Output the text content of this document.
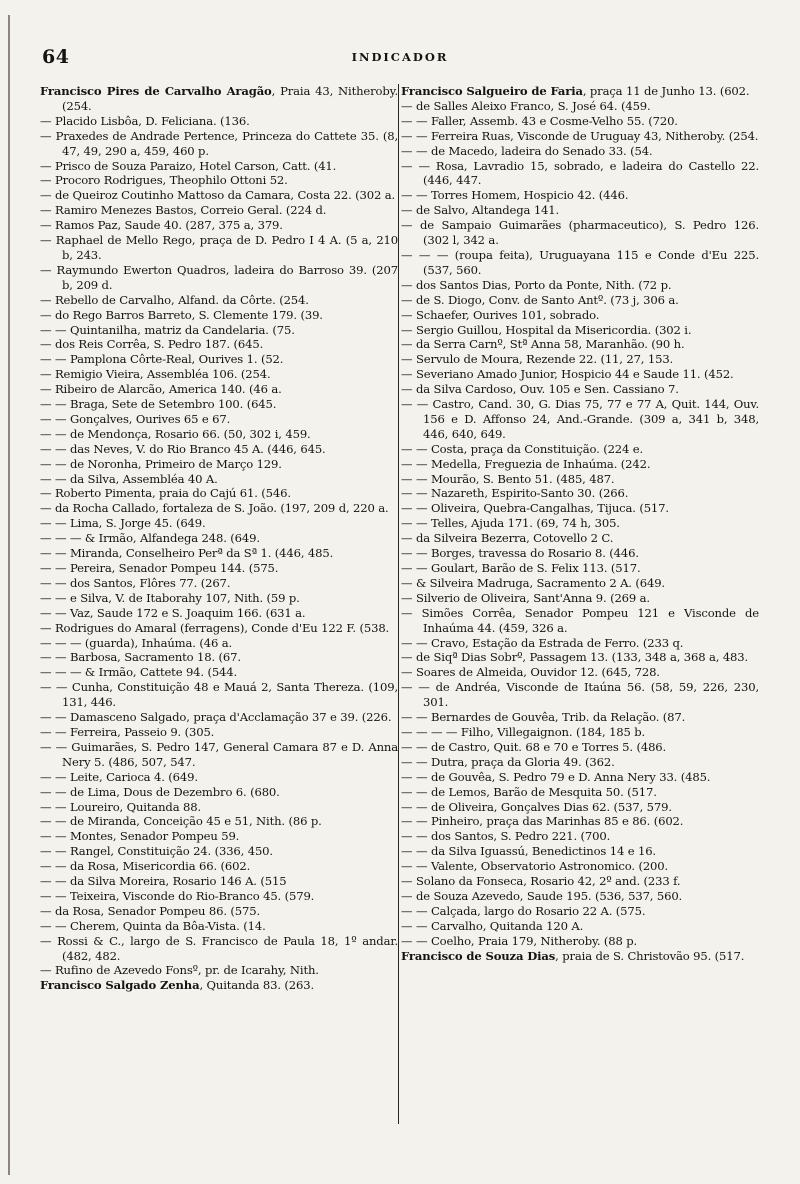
64	INDICADOR

Francisco Pires de Carvalho Aragão, Praia 43, Nitheroby. (254.

— Placido Lisbôa, D. Feliciana. (136.

— Praxedes de Andrade Pertence, Princeza do Cattete 35. (8, 47, 49, 290 a, 459, 460 p.

— Prisco de Souza Paraizo, Hotel Carson, Catt. (41.

— Procoro Rodrigues, Theophilo Ottoni 52.

— de Queiroz Coutinho Mattoso da Camara, Costa 22. (302 a.

— Ramiro Menezes Bastos, Correio Geral. (224 d.

— Ramos Paz, Saude 40. (287, 375 a, 379.

— Raphael de Mello Rego, praça de D. Pedro I 4 A. (5 a, 210 b, 243.

— Raymundo Ewerton Quadros, ladeira do Barroso 39. (207 b, 209 d.

— Rebello de Carvalho, Alfand. da Côrte. (254.

— do Rego Barros Barreto, S. Clemente 179. (39.

— — Quintanilha, matriz da Candelaria. (75.

— dos Reis Corrêa, S. Pedro 187. (645.

— — Pamplona Côrte-Real, Ourives 1. (52.

— Remigio Vieira, Assembléa 106. (254.

— Ribeiro de Alarcão, America 140. (46 a.

— — Braga, Sete de Setembro 100. (645.

— — Gonçalves, Ourives 65 e 67.

— — de Mendonça, Rosario 66. (50, 302 i, 459.

— — das Neves, V. do Rio Branco 45 A. (446, 645.

— — de Noronha, Primeiro de Março 129.

— — da Silva, Assembléa 40 A.

— Roberto Pimenta, praia do Cajú 61. (546.

— da Rocha Callado, fortaleza de S. João. (197, 209 d, 220 a.

— — Lima, S. Jorge 45. (649.

— — — & Irmão, Alfandega 248. (649.

— — Miranda, Conselheiro Perª da Sª 1. (446, 485.

— — Pereira, Senador Pompeu 144. (575.

— — dos Santos, Flôres 77. (267.

— — e Silva, V. de Itaborahy 107, Nith. (59 p.

— — Vaz, Saude 172 e S. Joaquim 166. (631 a.

— Rodrigues do Amaral (ferragens), Conde d'Eu 122 F. (538.

— — — (guarda), Inhaúma. (46 a.

— — Barbosa, Sacramento 18. (67.

— — — & Irmão, Cattete 94. (544.

— — Cunha, Constituição 48 e Mauá 2, Santa Thereza. (109, 131, 446.

— — Damasceno Salgado, praça d'Acclamação 37 e 39. (226.

— — Ferreira, Passeio 9. (305.

— — Guimarães, S. Pedro 147, General Camara 87 e D. Anna Nery 5. (486, 507, 547.

— — Leite, Carioca 4. (649.

— — de Lima, Dous de Dezembro 6. (680.

— — Loureiro, Quitanda 88.

— — de Miranda, Conceição 45 e 51, Nith. (86 p.

— — Montes, Senador Pompeu 59.

— — Rangel, Constituição 24. (336, 450.

— — da Rosa, Misericordia 66. (602.

— — da Silva Moreira, Rosario 146 A. (515

— — Teixeira, Visconde do Rio-Branco 45. (579.

— da Rosa, Senador Pompeu 86. (575.

— — Cherem, Quinta da Bôa-Vista. (14.

— Rossi & C., largo de S. Francisco de Paula 18, 1º andar. (482, 482.

— Rufino de Azevedo Fonsº, pr. de Icarahy, Nith.

Francisco Salgado Zenha, Quitanda 83. (263.

Francisco Salgueiro de Faria, praça 11 de Junho 13. (602.

— de Salles Aleixo Franco, S. José 64. (459.

— — Faller, Assemb. 43 e Cosme-Velho 55. (720.

— — Ferreira Ruas, Visconde de Uruguay 43, Nitheroby. (254.

— — de Macedo, ladeira do Senado 33. (54.

— — Rosa, Lavradio 15, sobrado, e ladeira do Castello 22. (446, 447.

— — Torres Homem, Hospicio 42. (446.

— de Salvo, Altandega 141.

— de Sampaio Guimarães (pharmaceutico), S. Pedro 126. (302 l, 342 a.

— — — (roupa feita), Uruguayana 115 e Conde d'Eu 225. (537, 560.

— dos Santos Dias, Porto da Ponte, Nith. (72 p.

— de S. Diogo, Conv. de Santo Antº. (73 j, 306 a.

— Schaefer, Ourives 101, sobrado.

— Sergio Guillou, Hospital da Misericordia. (302 i.

— da Serra Carnº, Stª Anna 58, Maranhão. (90 h.

— Servulo de Moura, Rezende 22. (11, 27, 153.

— Severiano Amado Junior, Hospicio 44 e Saude 11. (452.

— da Silva Cardoso, Ouv. 105 e Sen. Cassiano 7.

— — Castro, Cand. 30, G. Dias 75, 77 e 77 A, Quit. 144, Ouv. 156 e D. Affonso 24, And.-Grande. (309 a, 341 b, 348, 446, 640, 649.

— — Costa, praça da Constituição. (224 e.

— — Medella, Freguezia de Inhaúma. (242.

— — Mourão, S. Bento 51. (485, 487.

— — Nazareth, Espirito-Santo 30. (266.

— — Oliveira, Quebra-Cangalhas, Tijuca. (517.

— — Telles, Ajuda 171. (69, 74 h, 305.

— da Silveira Bezerra, Cotovello 2 C.

— — Borges, travessa do Rosario 8. (446.

— — Goulart, Barão de S. Felix 113. (517.

— & Silveira Madruga, Sacramento 2 A. (649.

— Silverio de Oliveira, Sant'Anna 9. (269 a.

— Simões Corrêa, Senador Pompeu 121 e Visconde de Inhaúma 44. (459, 326 a.

— — Cravo, Estação da Estrada de Ferro. (233 q.

— de Siqª Dias Sobrº, Passagem 13. (133, 348 a, 368 a, 483.

— Soares de Almeida, Ouvidor 12. (645, 728.

— — de Andréa, Visconde de Itaúna 56. (58, 59, 226, 230, 301.

— — Bernardes de Gouvêa, Trib. da Relação. (87.

— — — — Filho, Villegaignon. (184, 185 b.

— — de Castro, Quit. 68 e 70 e Torres 5. (486.

— — Dutra, praça da Gloria 49. (362.

— — de Gouvêa, S. Pedro 79 e D. Anna Nery 33. (485.

— — de Lemos, Barão de Mesquita 50. (517.

— — de Oliveira, Gonçalves Dias 62. (537, 579.

— — Pinheiro, praça das Marinhas 85 e 86. (602.

— — dos Santos, S. Pedro 221. (700.

— — da Silva Iguassú, Benedictinos 14 e 16.

— — Valente, Observatorio Astronomico. (200.

— Solano da Fonseca, Rosario 42, 2º and. (233 f.

— de Souza Azevedo, Saude 195. (536, 537, 560.

— — Calçada, largo do Rosario 22 A. (575.

— — Carvalho, Quitanda 120 A.

— — Coelho, Praia 179, Nitheroby. (88 p.

Francisco de Souza Dias, praia de S. Christovão 95. (517.
